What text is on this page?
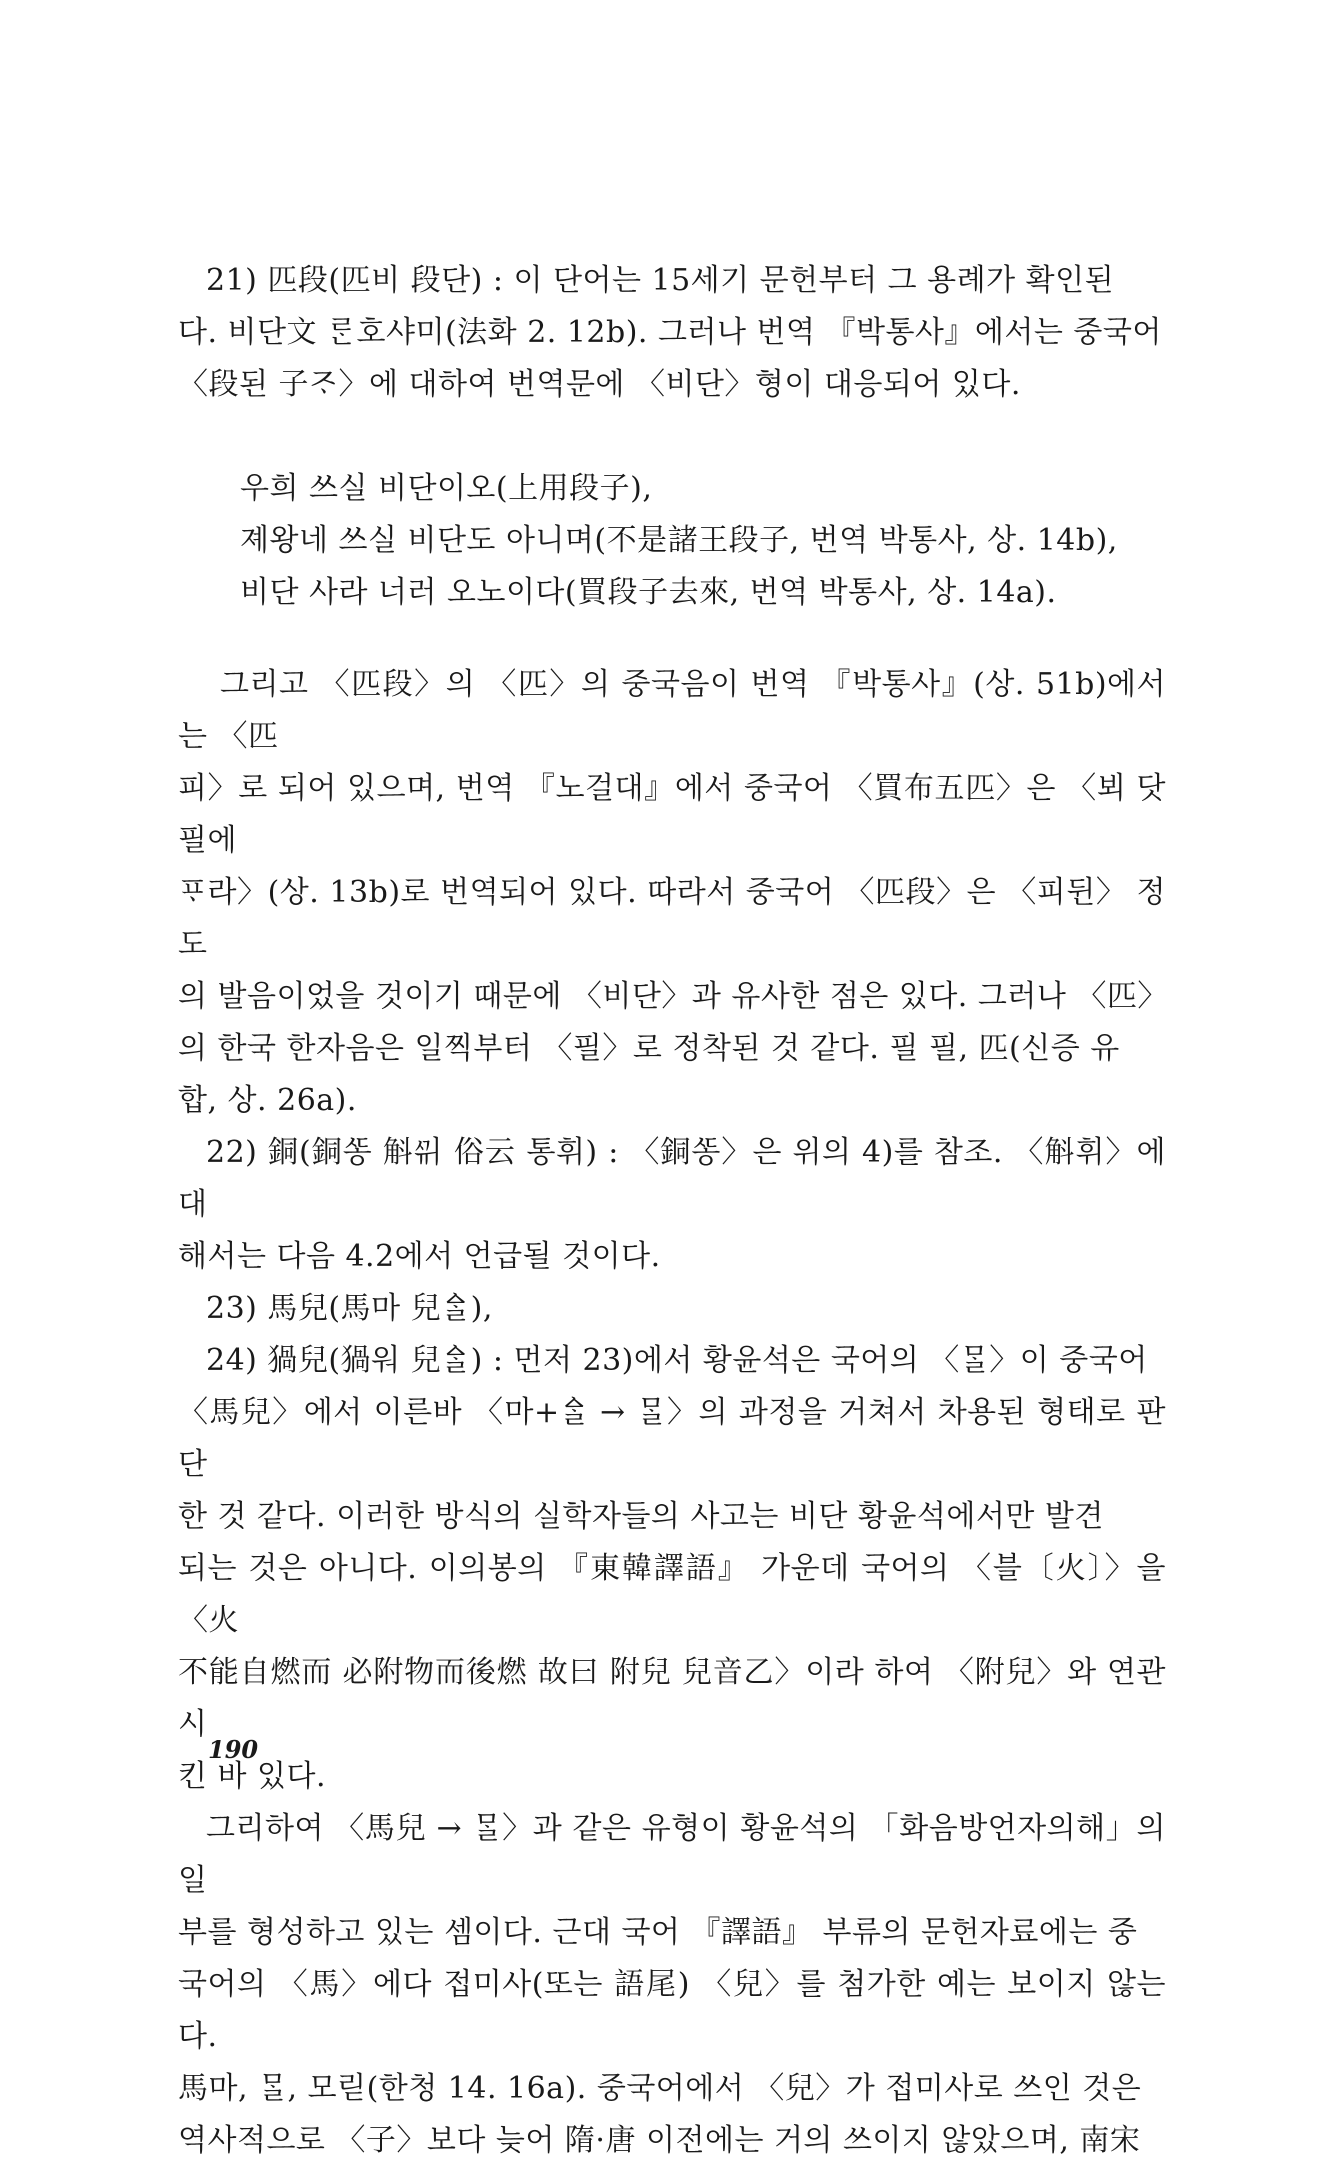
21) 匹段(匹비 段단) : 이 단어는 15세기 문헌부터 그 용례가 확인된

다. 비단文 ᄅᆞᆫ호샤미(法화 2. 12b). 그러나 번역 『박통사』에서는 중국어

〈段된 子ᄌᆞ〉에 대하여 번역문에 〈비단〉형이 대응되어 있다.

우희 쓰실 비단이오(上用段子),

졔왕네 쓰실 비단도 아니며(不是諸王段子, 번역 박통사, 상. 14b),

비단 사라 너러 오노이다(買段子去來, 번역 박통사, 상. 14a).

그리고 〈匹段〉의 〈匹〉의 중국음이 번역 『박통사』(상. 51b)에서는 〈匹

피〉로 되어 있으며, 번역 『노걸대』에서 중국어 〈買布五匹〉은 〈뵈 닷필에

ᄑᆞ라〉(상. 13b)로 번역되어 있다. 따라서 중국어 〈匹段〉은 〈피뒨〉 정도

의 발음이었을 것이기 때문에 〈비단〉과 유사한 점은 있다. 그러나 〈匹〉

의 한국 한자음은 일찍부터 〈필〉로 정착된 것 같다. 필 필, 匹(신증 유

합, 상. 26a).

22) 銅(銅ᄯᅩᆼ 斛ᄭᆔ 俗云 통휘) : 〈銅ᄯᅩᆼ〉은 위의 4)를 참조. 〈斛휘〉에 대

해서는 다음 4.2에서 언급될 것이다.

23) 馬兒(馬마 兒ᅀᆞᆯ),

24) 猧兒(猧워 兒ᅀᆞᆯ) : 먼저 23)에서 황윤석은 국어의 〈ᄆᆞᆯ〉이 중국어

〈馬兒〉에서 이른바 〈마+ᅀᆞᆯ → ᄆᆞᆯ〉의 과정을 거쳐서 차용된 형태로 판단

한 것 같다. 이러한 방식의 실학자들의 사고는 비단 황윤석에서만 발견

되는 것은 아니다. 이의봉의 『東韓譯語』 가운데 국어의 〈블〔火〕〉을 〈火

不能自燃而 必附物而後燃 故曰 附兒 兒音乙〉이라 하여 〈附兒〉와 연관시

킨 바 있다.

그리하여 〈馬兒 → ᄆᆞᆯ〉과 같은 유형이 황윤석의 「화음방언자의해」의 일

부를 형성하고 있는 셈이다. 근대 국어 『譯語』 부류의 문헌자료에는 중

국어의 〈馬〉에다 접미사(또는 語尾) 〈兒〉를 첨가한 예는 보이지 않는다.

馬마, ᄆᆞᆯ, 모릳(한청 14. 16a). 중국어에서 〈兒〉가 접미사로 쓰인 것은

역사적으로 〈子〉보다 늦어 隋·唐 이전에는 거의 쓰이지 않았으며, 南宋

190
